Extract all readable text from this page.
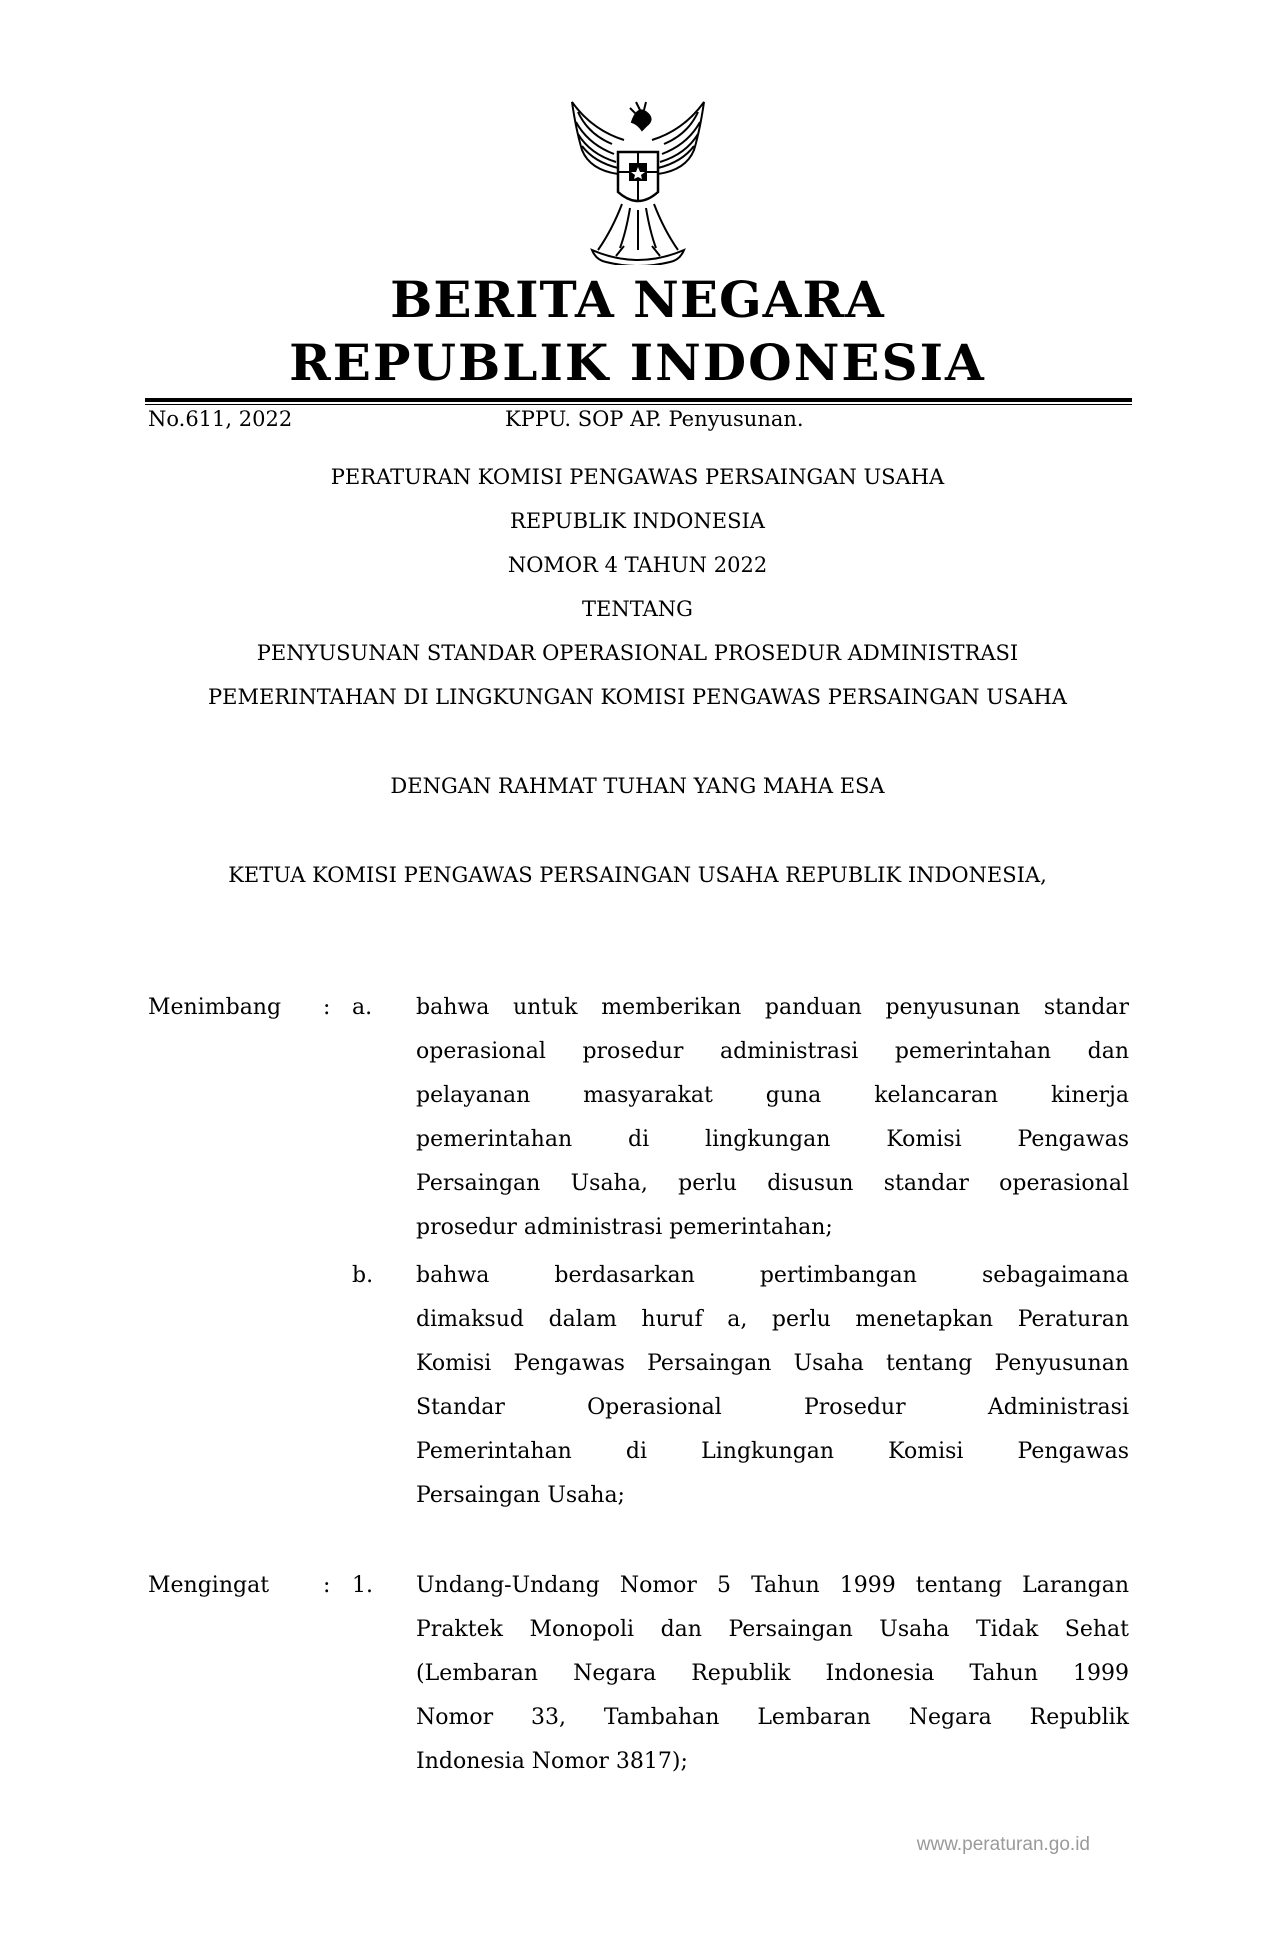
BERITA NEGARA
REPUBLIK INDONESIA
No.611, 2022	KPPU. SOP AP. Penyusunan.
PERATURAN KOMISI PENGAWAS PERSAINGAN USAHA
REPUBLIK INDONESIA
NOMOR 4 TAHUN 2022
TENTANG
PENYUSUNAN STANDAR OPERASIONAL PROSEDUR ADMINISTRASI
PEMERINTAHAN DI LINGKUNGAN KOMISI PENGAWAS PERSAINGAN USAHA
DENGAN RAHMAT TUHAN YANG MAHA ESA
KETUA KOMISI PENGAWAS PERSAINGAN USAHA REPUBLIK INDONESIA,
Menimbang : a. bahwa untuk memberikan panduan penyusunan standar
operasional prosedur administrasi pemerintahan dan
pelayanan masyarakat guna kelancaran kinerja
pemerintahan di lingkungan Komisi Pengawas
Persaingan Usaha, perlu disusun standar operasional
prosedur administrasi pemerintahan;
b. bahwa berdasarkan pertimbangan sebagaimana
dimaksud dalam huruf a, perlu menetapkan Peraturan
Komisi Pengawas Persaingan Usaha tentang Penyusunan
Standar Operasional Prosedur Administrasi
Pemerintahan di Lingkungan Komisi Pengawas
Persaingan Usaha;
Mengingat : 1. Undang-Undang Nomor 5 Tahun 1999 tentang Larangan
Praktek Monopoli dan Persaingan Usaha Tidak Sehat
(Lembaran Negara Republik Indonesia Tahun 1999
Nomor 33, Tambahan Lembaran Negara Republik
Indonesia Nomor 3817);
www.peraturan.go.id
